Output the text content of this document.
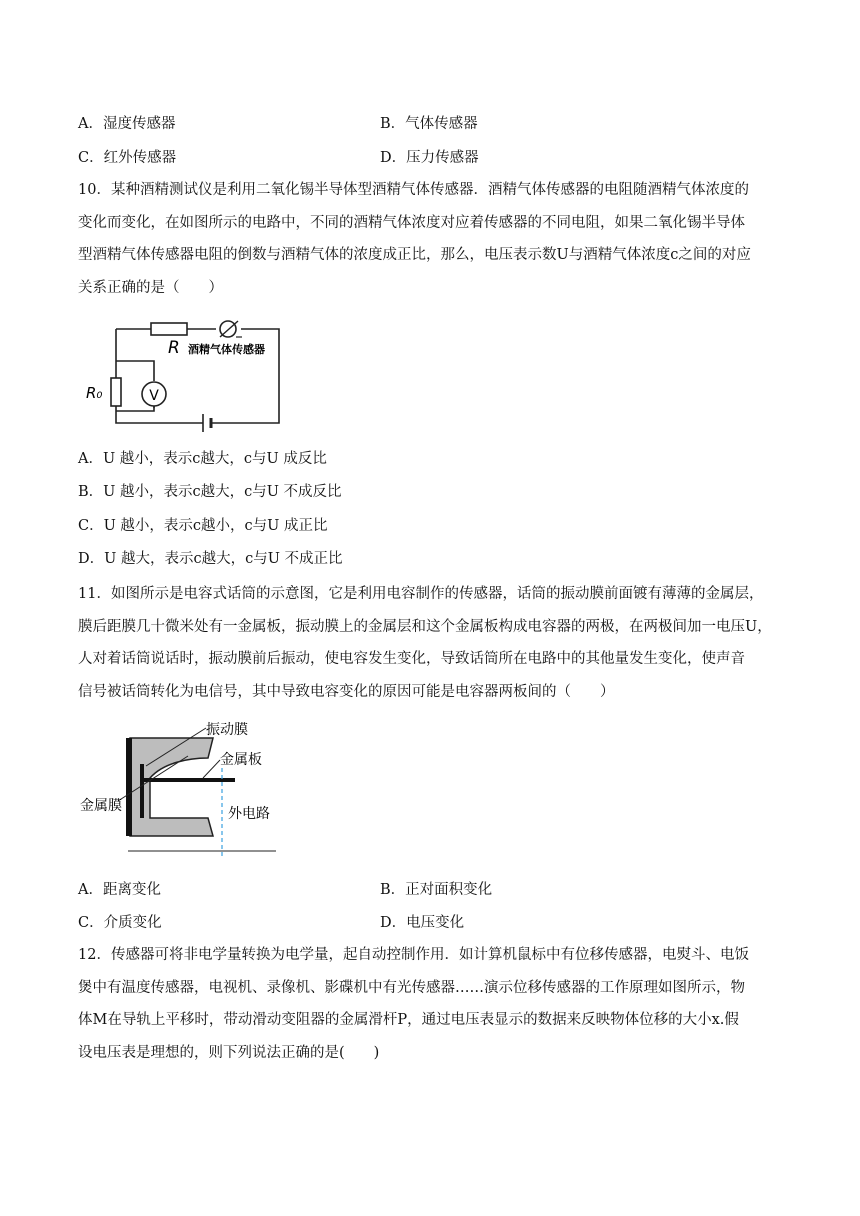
A．湿度传感器	B．气体传感器
C．红外传感器	D．压力传感器

10．某种酒精测试仪是利用二氧化锡半导体型酒精气体传感器．酒精气体传感器的电阻随酒精气体浓度的

变化而变化，在如图所示的电路中，不同的酒精气体浓度对应着传感器的不同电阻，如果二氧化锡半导体

型酒精气体传感器电阻的倒数与酒精气体的浓度成正比，那么，电压表示数U与酒精气体浓度c之间的对应

关系正确的是（　　）

V
R 酒精气体传感器
R₀
A．U 越小，表示c越大，c与U 成反比
B．U 越小，表示c越大，c与U 不成反比
C．U 越小，表示c越小，c与U 成正比
D．U 越大，表示c越大，c与U 不成正比

11．如图所示是电容式话筒的示意图，它是利用电容制作的传感器，话筒的振动膜前面镀有薄薄的金属层，

膜后距膜几十微米处有一金属板，振动膜上的金属层和这个金属板构成电容器的两极，在两极间加一电压U，

人对着话筒说话时，振动膜前后振动，使电容发生变化，导致话筒所在电路中的其他量发生变化，使声音

信号被话筒转化为电信号，其中导致电容变化的原因可能是电容器两板间的（　　）

振动膜
金属板
金属膜	外电路
A．距离变化	B．正对面积变化
C．介质变化	D．电压变化

12．传感器可将非电学量转换为电学量，起自动控制作用．如计算机鼠标中有位移传感器，电熨斗、电饭

煲中有温度传感器，电视机、录像机、影碟机中有光传感器……演示位移传感器的工作原理如图所示，物

体M在导轨上平移时，带动滑动变阻器的金属滑杆P，通过电压表显示的数据来反映物体位移的大小x.假

设电压表是理想的，则下列说法正确的是(　　)
